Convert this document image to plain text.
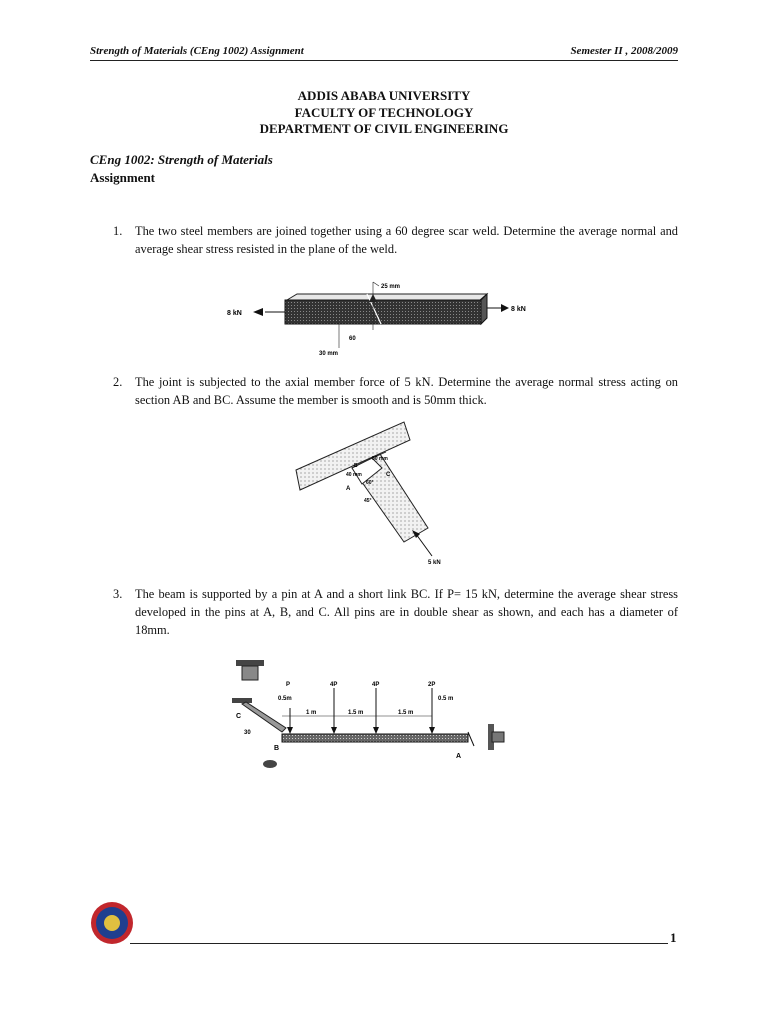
Strength of Materials (CEng 1002) Assignment	Semester II , 2008/2009
ADDIS ABABA UNIVERSITY
FACULTY OF TECHNOLOGY
DEPARTMENT OF CIVIL ENGINEERING
CEng 1002: Strength of Materials
Assignment
1. The two steel members are joined together using a 60 degree scar weld. Determine the average normal and average shear stress resisted in the plane of the weld.
8 kN
8 kN
25 mm
60
30 mm
2. The joint is subjected to the axial member force of 5 kN. Determine the average normal stress acting on section AB and BC. Assume the member is smooth and is 50mm thick.
50 mm
40 mm
B
C
A
60°
45°
5 kN
3. The beam is supported by a pin at A and a short link BC. If P= 15 kN, determine the average shear stress developed in the pins at A, B, and C. All pins are in double shear as shown, and each has a diameter of 18mm.
P	4P	4P	2P
0.5m
1 m	1.5 m	1.5 m
0.5 m
30
C
B
A
1
